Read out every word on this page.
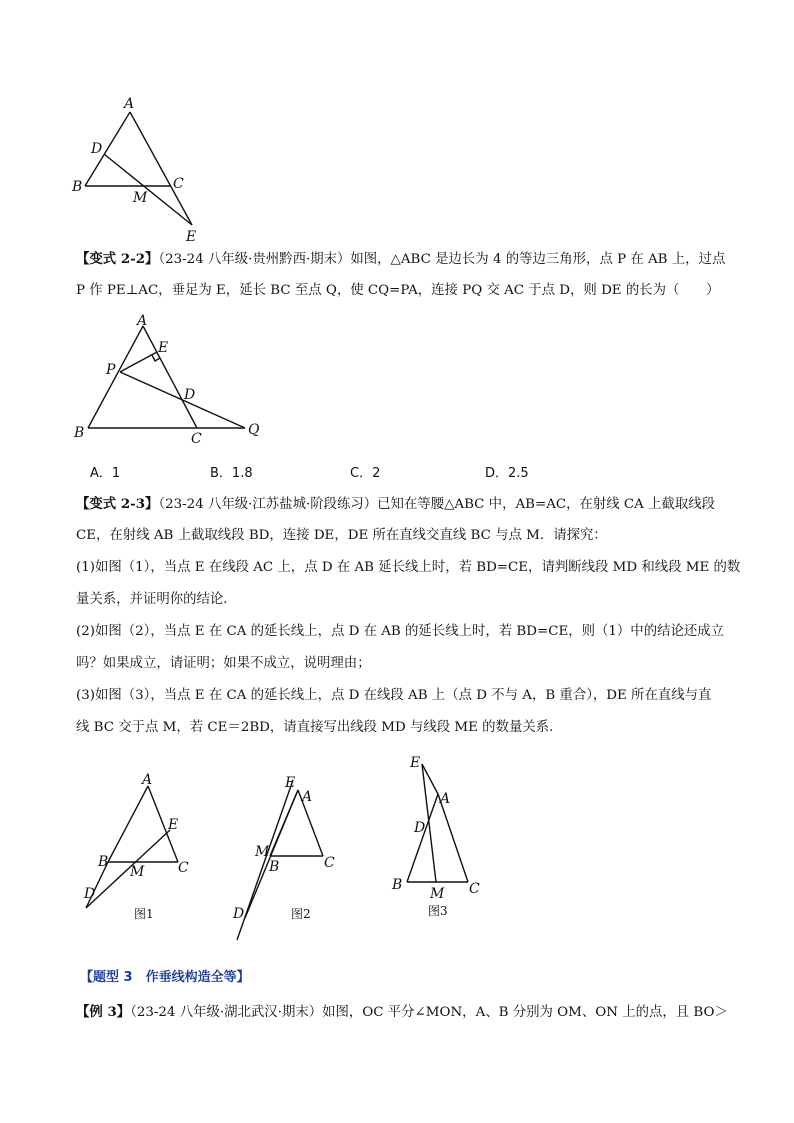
A
D
B	C
M
E
【变式 2-2】（23-24 八年级·贵州黔西·期末）如图，△ABC 是边长为 4 的等边三角形，点 P 在 AB 上，过点
P 作 PE⊥AC，垂足为 E，延长 BC 至点 Q，使 CQ=PA，连接 PQ 交 AC 于点 D，则 DE 的长为（　　）
A
E
P
D
B	C
Q
A．1	B．1.8	C．2	D．2.5
【变式 2-3】（23-24 八年级·江苏盐城·阶段练习）已知在等腰△ABC 中，AB=AC，在射线 CA 上截取线段
CE，在射线 AB 上截取线段 BD，连接 DE，DE 所在直线交直线 BC 与点 M．请探究：
(1)如图（1），当点 E 在线段 AC 上，点 D 在 AB 延长线上时，若 BD=CE，请判断线段 MD 和线段 ME 的数
量关系，并证明你的结论．
(2)如图（2），当点 E 在 CA 的延长线上，点 D 在 AB 的延长线上时，若 BD=CE，则（1）中的结论还成立
吗？如果成立，请证明；如果不成立，说明理由；
(3)如图（3），当点 E 在 CA 的延长线上，点 D 在线段 AB 上（点 D 不与 A，B 重合），DE 所在直线与直
线 BC 交于点 M，若 CE＝2BD，请直接写出线段 MD 与线段 ME 的数量关系．
A
E
B
M C
D
图1
E
A
M
B	C
D	图2
E
A
D
B
M C
图3
【题型 3　作垂线构造全等】
【例 3】（23-24 八年级·湖北武汉·期末）如图，OC 平分∠MON，A、B 分别为 OM、ON 上的点，且 BO＞
